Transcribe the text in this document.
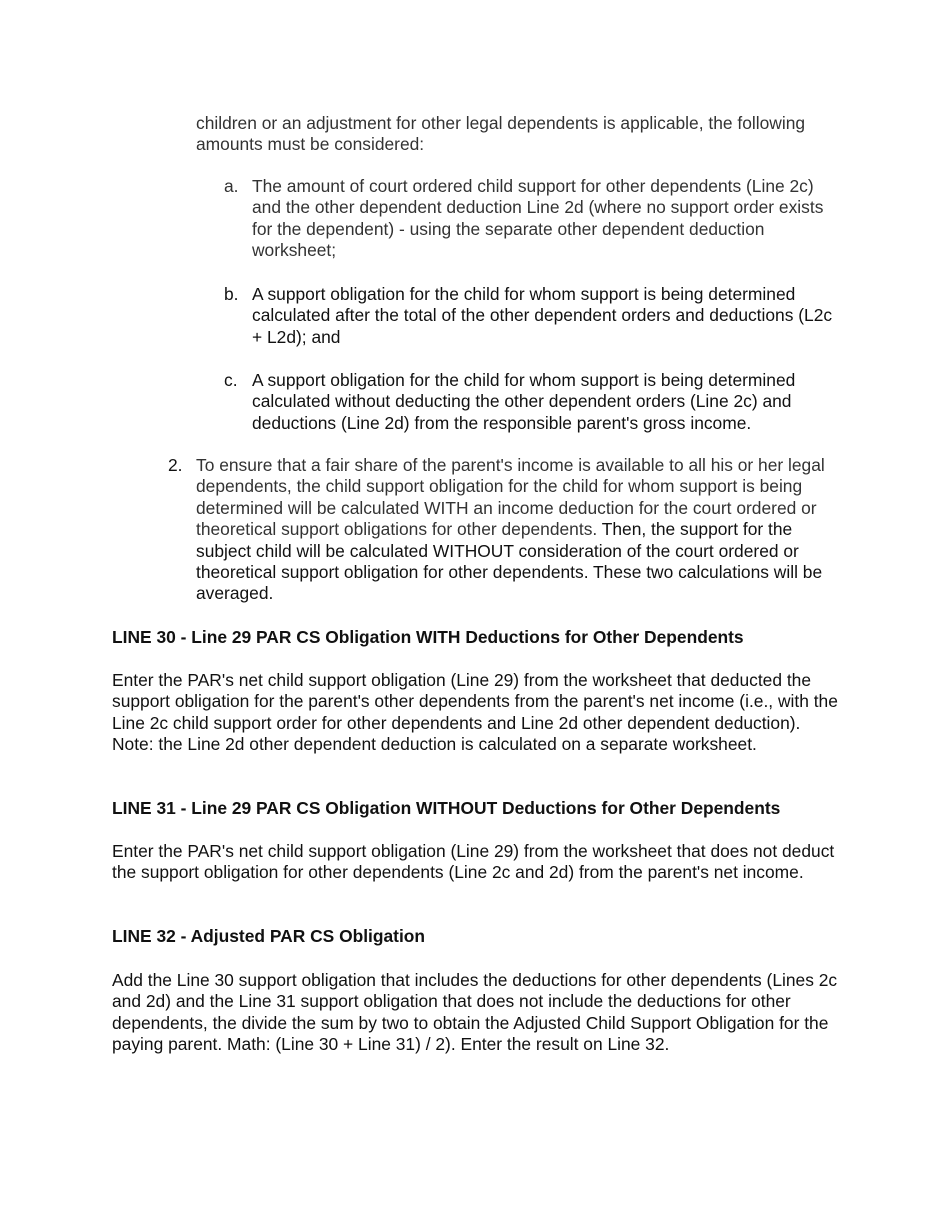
children or an adjustment for other legal dependents is applicable, the following amounts must be considered:

a. The amount of court ordered child support for other dependents (Line 2c) and the other dependent deduction Line 2d (where no support order exists for the dependent) - using the separate other dependent deduction worksheet;
b. A support obligation for the child for whom support is being determined calculated after the total of the other dependent orders and deductions (L2c + L2d); and
c. A support obligation for the child for whom support is being determined calculated without deducting the other dependent orders (Line 2c) and deductions (Line 2d) from the responsible parent's gross income.
2. To ensure that a fair share of the parent's income is available to all his or her legal dependents, the child support obligation for the child for whom support is being determined will be calculated WITH an income deduction for the court ordered or theoretical support obligations for other dependents. Then, the support for the subject child will be calculated WITHOUT consideration of the court ordered or theoretical support obligation for other dependents. These two calculations will be averaged.
LINE 30 - Line 29 PAR CS Obligation WITH Deductions for Other Dependents
Enter the PAR's net child support obligation (Line 29) from the worksheet that deducted the support obligation for the parent's other dependents from the parent's net income (i.e., with the Line 2c child support order for other dependents and Line 2d other dependent deduction). Note: the Line 2d other dependent deduction is calculated on a separate worksheet.
LINE 31 - Line 29 PAR CS Obligation WITHOUT Deductions for Other Dependents
Enter the PAR's net child support obligation (Line 29) from the worksheet that does not deduct the support obligation for other dependents (Line 2c and 2d) from the parent's net income.
LINE 32 - Adjusted PAR CS Obligation
Add the Line 30 support obligation that includes the deductions for other dependents (Lines 2c and 2d) and the Line 31 support obligation that does not include the deductions for other dependents, the divide the sum by two to obtain the Adjusted Child Support Obligation for the paying parent. Math: (Line 30 + Line 31) / 2). Enter the result on Line 32.
